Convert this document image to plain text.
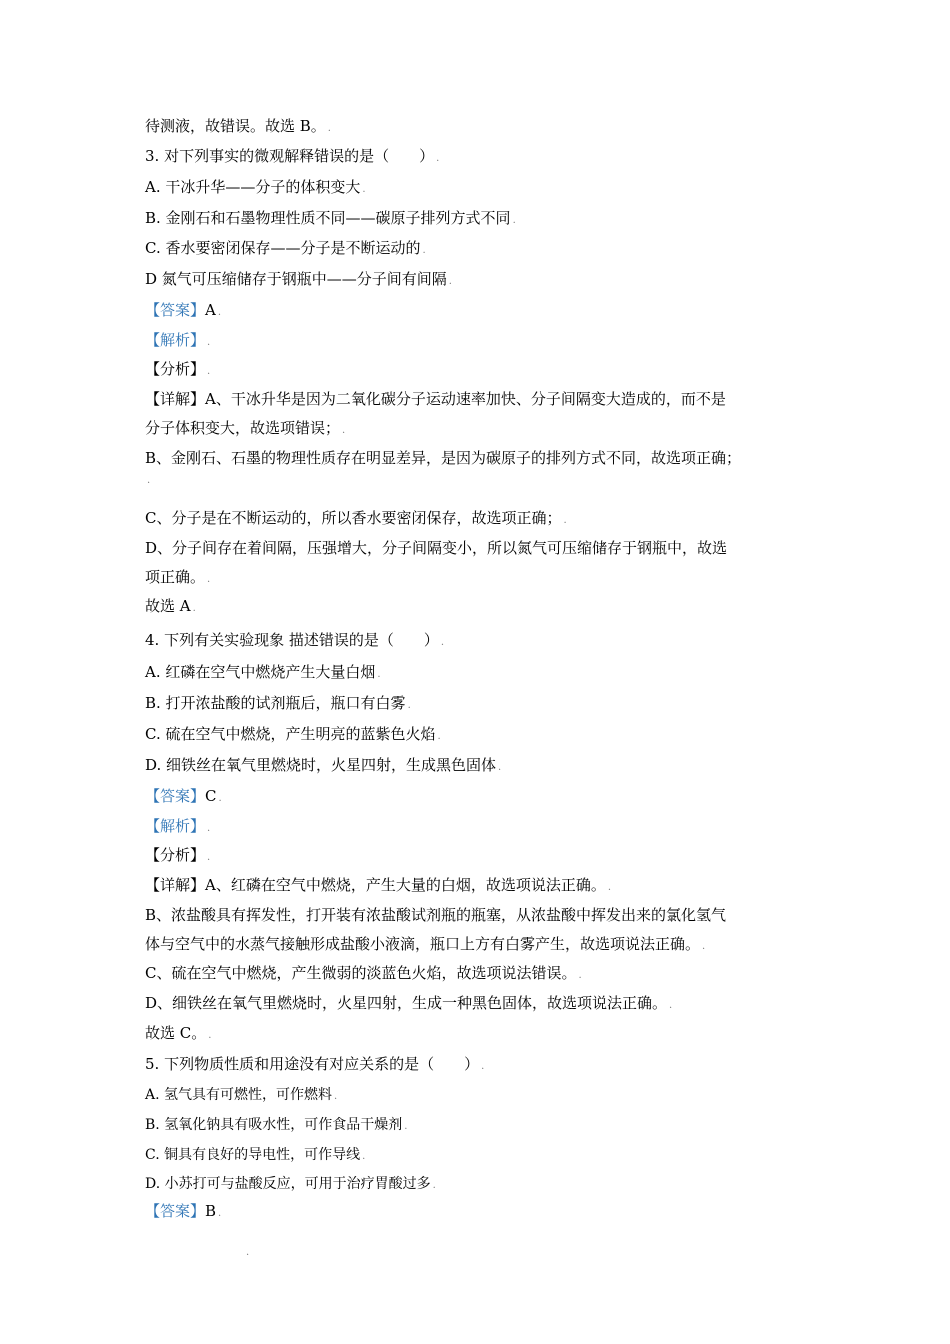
待测液，故错误。故选 B。 .
3. 对下列事实的微观解释错误的是（　　） .
A. 干冰升华——分子的体积变大 .
B. 金刚石和石墨物理性质不同——碳原子排列方式不同 .
C. 香水要密闭保存——分子是不断运动的 .
D 氮气可压缩储存于钢瓶中——分子间有间隔 .
【答案】A .
【解析】 .
【分析】 .
【详解】A、干冰升华是因为二氧化碳分子运动速率加快、分子间隔变大造成的，而不是
分子体积变大，故选项错误； .
B、金刚石、石墨的物理性质存在明显差异，是因为碳原子的排列方式不同，故选项正确；
.
C、分子是在不断运动的，所以香水要密闭保存，故选项正确； .
D、分子间存在着间隔，压强增大，分子间隔变小，所以氮气可压缩储存于钢瓶中，故选
项正确。 .
故选 A .
4. 下列有关实验现象 描述错误的是（　　） .
A. 红磷在空气中燃烧产生大量白烟 .
B. 打开浓盐酸的试剂瓶后，瓶口有白雾 .
C. 硫在空气中燃烧，产生明亮的蓝紫色火焰 .
D. 细铁丝在氧气里燃烧时，火星四射，生成黑色固体 .
【答案】C .
【解析】 .
【分析】 .
【详解】A、红磷在空气中燃烧，产生大量的白烟，故选项说法正确。 .
B、浓盐酸具有挥发性，打开装有浓盐酸试剂瓶的瓶塞，从浓盐酸中挥发出来的氯化氢气
体与空气中的水蒸气接触形成盐酸小液滴，瓶口上方有白雾产生，故选项说法正确。 .
C、硫在空气中燃烧，产生微弱的淡蓝色火焰，故选项说法错误。 .
D、细铁丝在氧气里燃烧时，火星四射，生成一种黑色固体，故选项说法正确。 .
故选 C。 .
5. 下列物质性质和用途没有对应关系的是（　　） .
A. 氢气具有可燃性，可作燃料 .
B. 氢氧化钠具有吸水性，可作食品干燥剂 .
C. 铜具有良好的导电性，可作导线 .
D. 小苏打可与盐酸反应，可用于治疗胃酸过多 .
【答案】B .
.
